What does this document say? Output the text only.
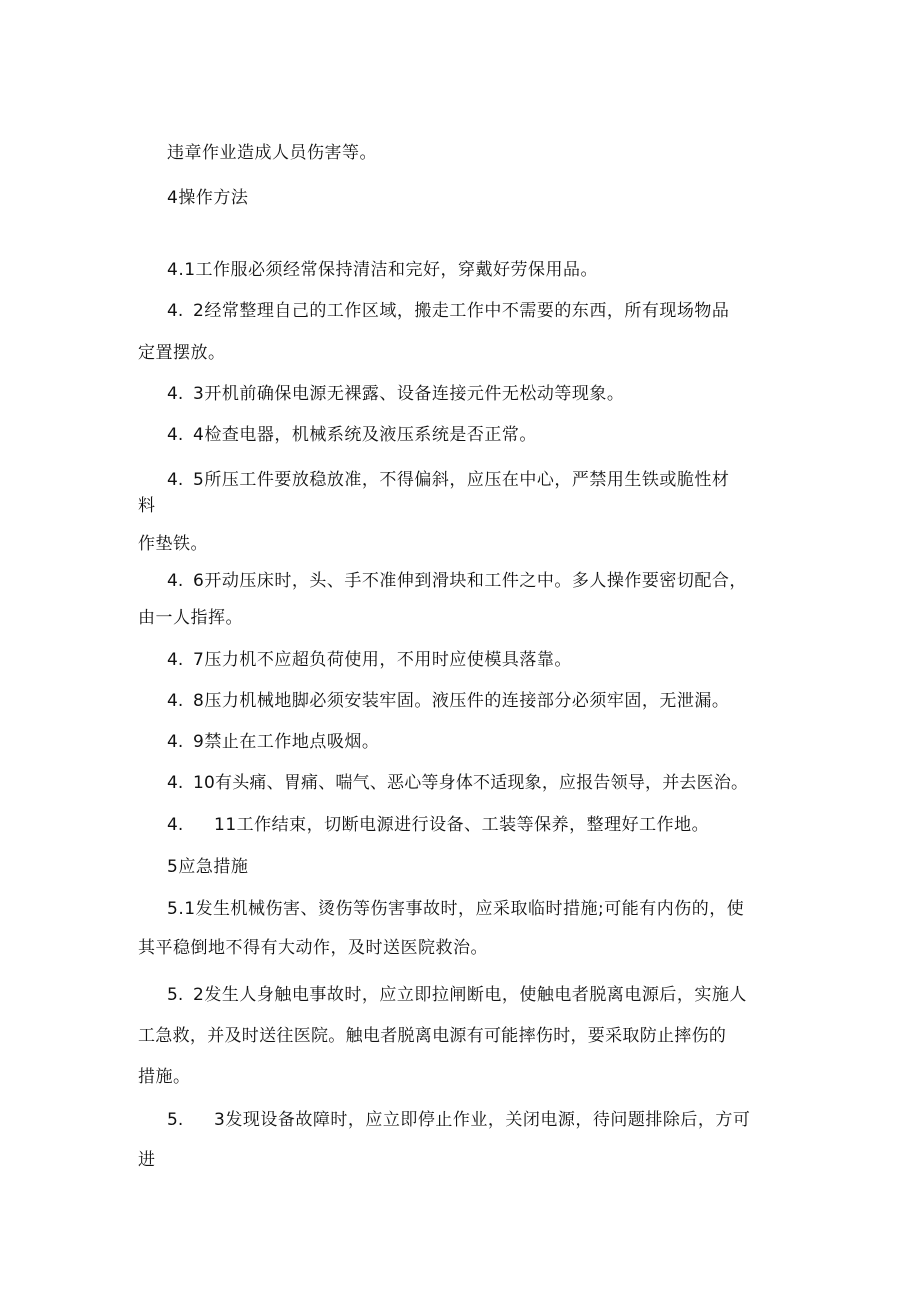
违章作业造成人员伤害等。
4操作方法
4.1工作服必须经常保持清洁和完好，穿戴好劳保用品。
4. 2经常整理自己的工作区域，搬走工作中不需要的东西，所有现场物品
定置摆放。
4. 3开机前确保电源无裸露、设备连接元件无松动等现象。
4. 4检查电器，机械系统及液压系统是否正常。
4. 5所压工件要放稳放准，不得偏斜，应压在中心，严禁用生铁或脆性材
料
作垫铁。
4. 6开动压床时，头、手不准伸到滑块和工件之中。多人操作要密切配合，
由一人指挥。
4. 7压力机不应超负荷使用，不用时应使模具落靠。
4. 8压力机械地脚必须安装牢固。液压件的连接部分必须牢固，无泄漏。
4. 9禁止在工作地点吸烟。
4. 10有头痛、胃痛、喘气、恶心等身体不适现象，应报告领导，并去医治。
4. 11工作结束，切断电源进行设备、工装等保养，整理好工作地。
5应急措施
5.1发生机械伤害、烫伤等伤害事故时，应采取临时措施;可能有内伤的，使
其平稳倒地不得有大动作，及时送医院救治。
5. 2发生人身触电事故时，应立即拉闸断电，使触电者脱离电源后，实施人
工急救，并及时送往医院。触电者脱离电源有可能摔伤时，要采取防止摔伤的
措施。
5. 3发现设备故障时，应立即停止作业，关闭电源，待问题排除后，方可
进
